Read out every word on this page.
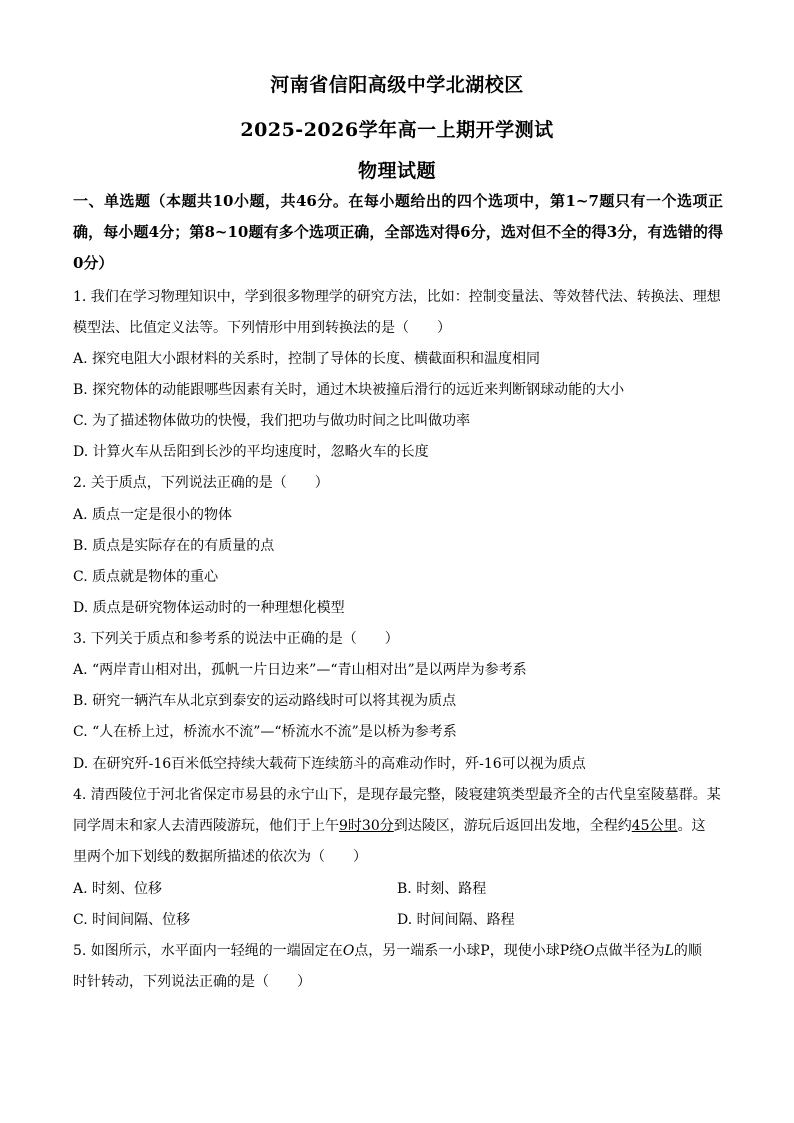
河南省信阳高级中学北湖校区
2025-2026学年高一上期开学测试
物理试题
一、单选题（本题共10小题，共46分。在每小题给出的四个选项中，第1~7题只有一个选项正确，每小题4分；第8~10题有多个选项正确，全部选对得6分，选对但不全的得3分，有选错的得0分）
1. 我们在学习物理知识中，学到很多物理学的研究方法，比如：控制变量法、等效替代法、转换法、理想
模型法、比值定义法等。下列情形中用到转换法的是（　　）
A. 探究电阻大小跟材料的关系时，控制了导体的长度、横截面积和温度相同
B. 探究物体的动能跟哪些因素有关时，通过木块被撞后滑行的远近来判断钢球动能的大小
C. 为了描述物体做功的快慢，我们把功与做功时间之比叫做功率
D. 计算火车从岳阳到长沙的平均速度时，忽略火车的长度
2. 关于质点，下列说法正确的是（　　）
A. 质点一定是很小的物体
B. 质点是实际存在的有质量的点
C. 质点就是物体的重心
D. 质点是研究物体运动时的一种理想化模型
3. 下列关于质点和参考系的说法中正确的是（　　）
A. “两岸青山相对出，孤帆一片日边来”—“青山相对出”是以两岸为参考系
B. 研究一辆汽车从北京到泰安的运动路线时可以将其视为质点
C. “人在桥上过，桥流水不流”—“桥流水不流”是以桥为参考系
D. 在研究歼-16百米低空持续大载荷下连续筋斗的高难动作时，歼-16可以视为质点
4. 清西陵位于河北省保定市易县的永宁山下，是现存最完整，陵寝建筑类型最齐全的古代皇室陵墓群。某
同学周末和家人去清西陵游玩，他们于上午9时30分到达陵区，游玩后返回出发地，全程约45公里。这
里两个加下划线的数据所描述的依次为（　　）
A. 时刻、位移	B. 时刻、路程
C. 时间间隔、位移	D. 时间间隔、路程
5. 如图所示，水平面内一轻绳的一端固定在O点，另一端系一小球P，现使小球P绕O点做半径为L的顺
时针转动，下列说法正确的是（　　）
